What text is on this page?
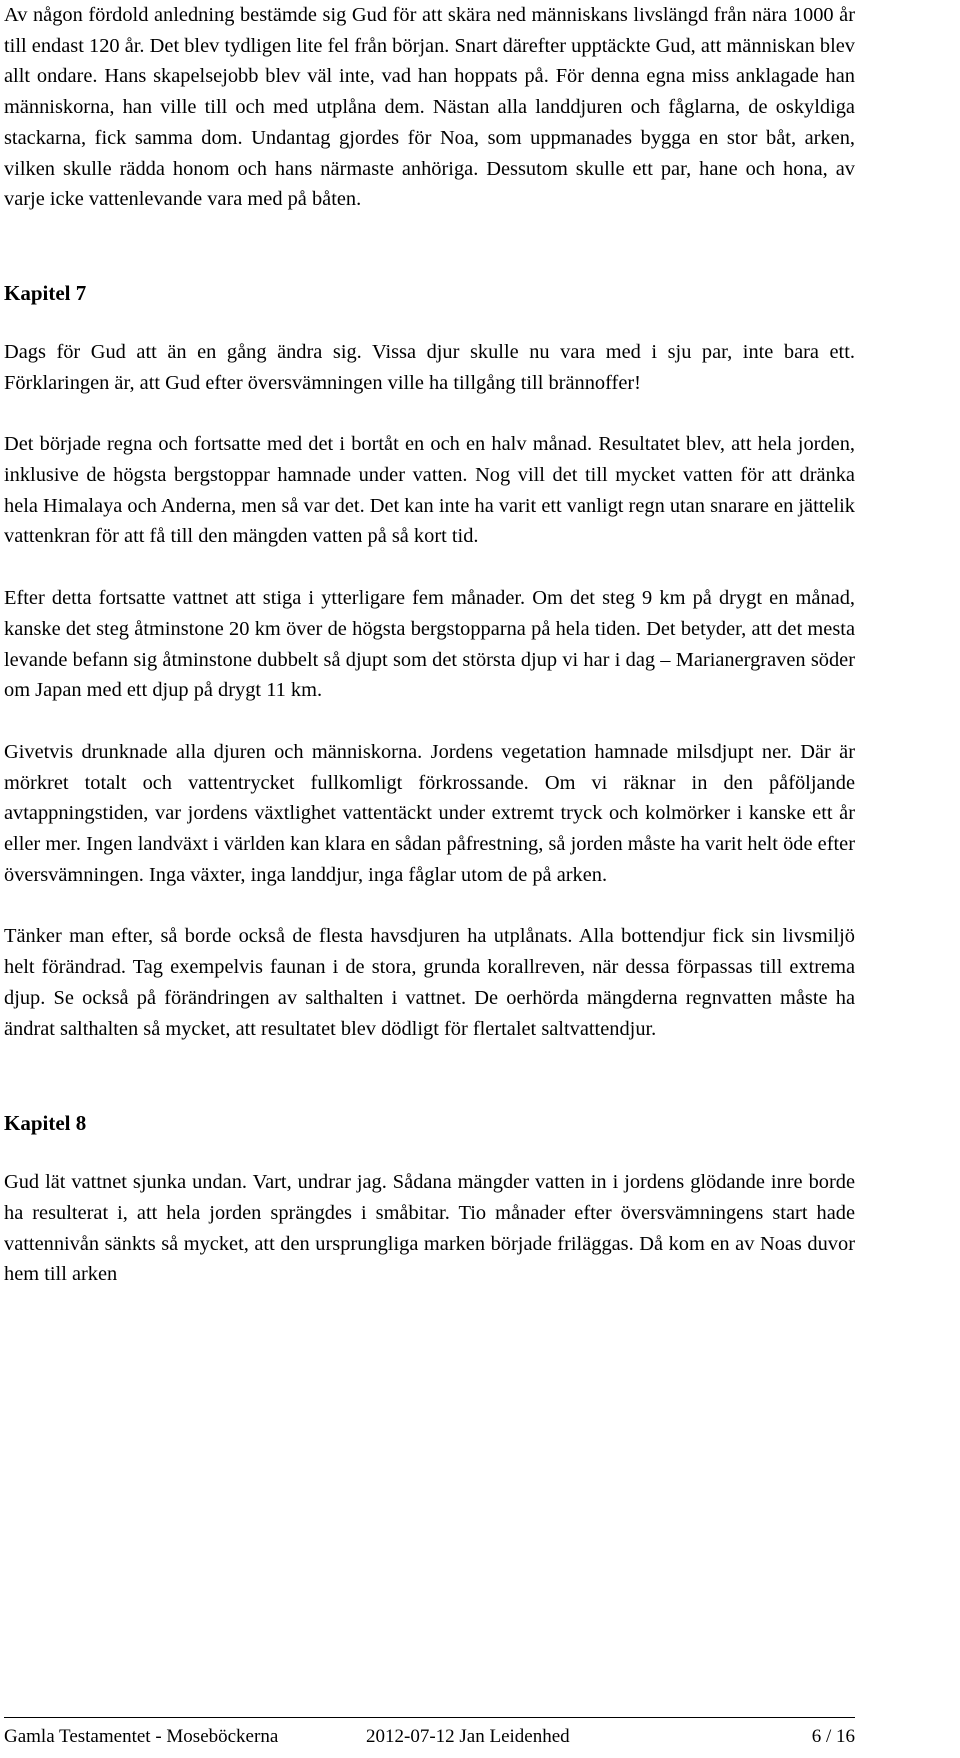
Av någon fördold anledning bestämde sig Gud för att skära ned människans livslängd från nära 1000 år till endast 120 år. Det blev tydligen lite fel från början. Snart därefter upptäckte Gud, att människan blev allt ondare. Hans skapelsejobb blev väl inte, vad han hoppats på. För denna egna miss anklagade han människorna, han ville till och med utplåna dem. Nästan alla landdjuren och fåglarna, de oskyldiga stackarna, fick samma dom. Undantag gjordes för Noa, som uppmanades bygga en stor båt, arken, vilken skulle rädda honom och hans närmaste anhöriga. Dessutom skulle ett par, hane och hona, av varje icke vattenlevande vara med på båten.

Kapitel 7

Dags för Gud att än en gång ändra sig. Vissa djur skulle nu vara med i sju par, inte bara ett. Förklaringen är, att Gud efter översvämningen ville ha tillgång till brännoffer!

Det började regna och fortsatte med det i bortåt en och en halv månad. Resultatet blev, att hela jorden, inklusive de högsta bergstoppar hamnade under vatten. Nog vill det till mycket vatten för att dränka hela Himalaya och Anderna, men så var det. Det kan inte ha varit ett vanligt regn utan snarare en jättelik vattenkran för att få till den mängden vatten på så kort tid.

Efter detta fortsatte vattnet att stiga i ytterligare fem månader. Om det steg 9 km på drygt en månad, kanske det steg åtminstone 20 km över de högsta bergstopparna på hela tiden. Det betyder, att det mesta levande befann sig åtminstone dubbelt så djupt som det största djup vi har i dag – Marianergraven söder om Japan med ett djup på drygt 11 km.

Givetvis drunknade alla djuren och människorna. Jordens vegetation hamnade milsdjupt ner. Där är mörkret totalt och vattentrycket fullkomligt förkrossande. Om vi räknar in den påföljande avtappningstiden, var jordens växtlighet vattentäckt under extremt tryck och kolmörker i kanske ett år eller mer. Ingen landväxt i världen kan klara en sådan påfrestning, så jorden måste ha varit helt öde efter översvämningen. Inga växter, inga landdjur, inga fåglar utom de på arken.

Tänker man efter, så borde också de flesta havsdjuren ha utplånats. Alla bottendjur fick sin livsmiljö helt förändrad. Tag exempelvis faunan i de stora, grunda korallreven, när dessa förpassas till extrema djup. Se också på förändringen av salthalten i vattnet. De oerhörda mängderna regnvatten måste ha ändrat salthalten så mycket, att resultatet blev dödligt för flertalet saltvattendjur.

Kapitel 8

Gud lät vattnet sjunka undan. Vart, undrar jag. Sådana mängder vatten in i jordens glödande inre borde ha resulterat i, att hela jorden sprängdes i småbitar. Tio månader efter översvämningens start hade vattennivån sänkts så mycket, att den ursprungliga marken började friläggas. Då kom en av Noas duvor hem till arken

Gamla Testamentet - Moseböckerna	2012-07-12 Jan Leidenhed	6 / 16
